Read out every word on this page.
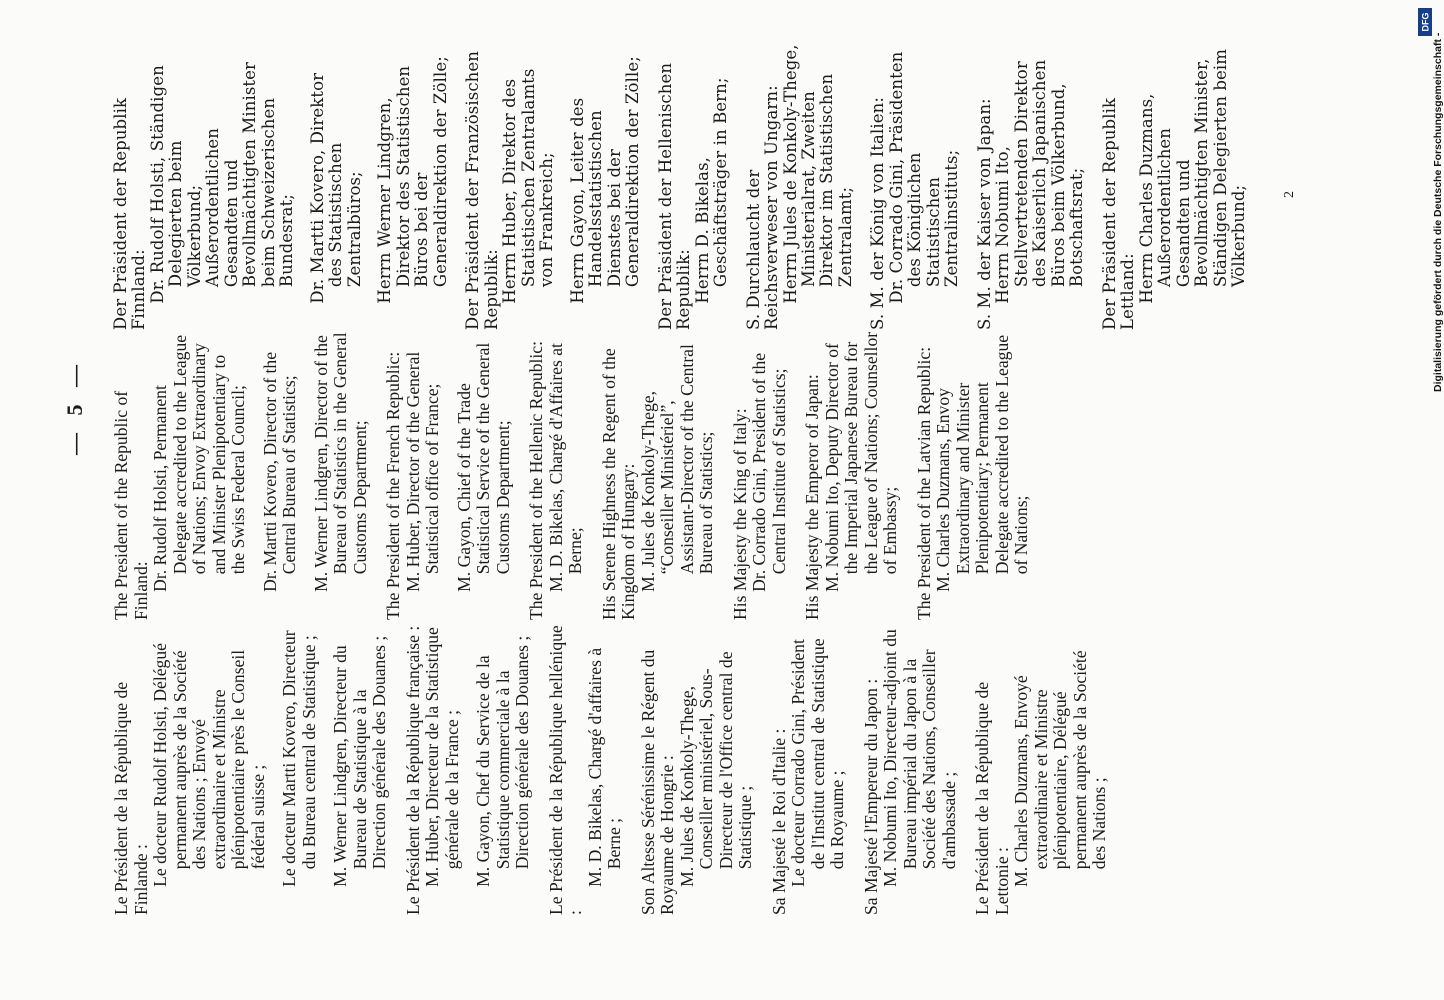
— 5 —
Le Président de la République de Finlande : Le docteur Rudolf Holsti, Délégué permanent auprès de la Société des Nations ; Envoyé extraordinaire et Ministre plénipotentiaire près le Conseil fédéral suisse ; Le docteur Martti Kovero, Directeur du Bureau central de Statistique ; M. Werner Lindgren, Directeur du Bureau de Statistique à la Direction générale des Douanes ; Le Président de la République française : M. Huber, Directeur de la Statistique générale de la France ; M. Gayon, Chef du Service de la Statistique commerciale à la Direction générale des Douanes ; Le Président de la République hellénique :
M. D. Bikelas, Chargé d'affaires à Berne ; Son Altesse Sérénissime le Régent du Royaume de Hongrie : M. Jules de Konkoly-Thege, Conseiller ministériel, Sous-Directeur de l'Office central de Statistique ; Sa Majesté le Roi d'Italie : Le docteur Corrado Gini, Président de l'Institut central de Statistique du Royaume ; Sa Majesté l'Empereur du Japon : M. Nobumi Ito, Directeur-adjoint du Bureau impérial du Japon à la Société des Nations, Conseiller d'ambassade ; Le Président de la République de Lettonie : M. Charles Duzmans, Envoyé extraordinaire et Ministre plénipotentiaire, Délégué permanent auprès de la Société des Nations ;
The President of the Republic of Finland: Dr. Rudolf Holsti, Permanent Delegate accredited to the League of Nations; Envoy Extraordinary and Minister Plenipotentiary to the Swiss Federal Council; Dr. Martti Kovero, Director of the Central Bureau of Statistics; M. Werner Lindgren, Director of the Bureau of Statistics in the General Customs Department; The President of the French Republic: M. Huber, Director of the General Statistical office of France; M. Gayon, Chief of the Trade Statistical Service of the General Customs Department; The President of the Hellenic Republic: M. D. Bikelas, Chargé d'Affaires at Berne; His Serene Highness the Regent of the Kingdom of Hungary: M. Jules de Konkoly-Thege, “Conseiller Ministériel”, Assistant-Director of the Central Bureau of Statistics; His Majesty the King of Italy: Dr. Corrado Gini, President of the Central Institute of Statistics; His Majesty the Emperor of Japan: M. Nobumi Ito, Deputy Director of the Imperial Japanese Bureau for the League of Nations; Counsellor of Embassy; The President of the Latvian Republic: M. Charles Duzmans, Envoy Extraordinary and Minister Plenipotentiary; Permanent Delegate accredited to the League of Nations;
Der Präsident der Republik Finnland: Dr. Rudolf Holsti, Ständigen Delegierten beim Völkerbund; Außerordentlichen Gesandten und Bevollmächtigten Minister beim Schweizerischen Bundesrat; Dr. Martti Kovero, Direktor des Statistischen Zentralbüros; Herrn Werner Lindgren, Direktor des Statistischen Büros bei der Generaldirektion der Zölle; Der Präsident der Französischen Republik: Herrn Huber, Direktor des Statistischen Zentralamts von Frankreich; Herrn Gayon, Leiter des Handelsstatistischen Dienstes bei der Generaldirektion der Zölle; Der Präsident der Hellenischen Republik: Herrn D. Bikelas, Geschäftsträger in Bern; S. Durchlaucht der Reichsverweser von Ungarn: Herrn Jules de Konkoly-Thege, Ministerialrat, Zweiten Direktor im Statistischen Zentralamt; S. M. der König von Italien: Dr. Corrado Gini, Präsidenten des Königlichen Statistischen Zentralinstituts; S. M. der Kaiser von Japan: Herrn Nobumi Ito, Stellvertretenden Direktor des Kaiserlich Japanischen Büros beim Völkerbund, Botschaftsrat; Der Präsident der Republik Lettland: Herrn Charles Duzmans, Außerordentlichen Gesandten und Bevollmächtigten Minister, Ständigen Delegierten beim Völkerbund; 2
DFG
Digitalisierung gefördert durch die Deutsche Forschungsgemeinschaft -
